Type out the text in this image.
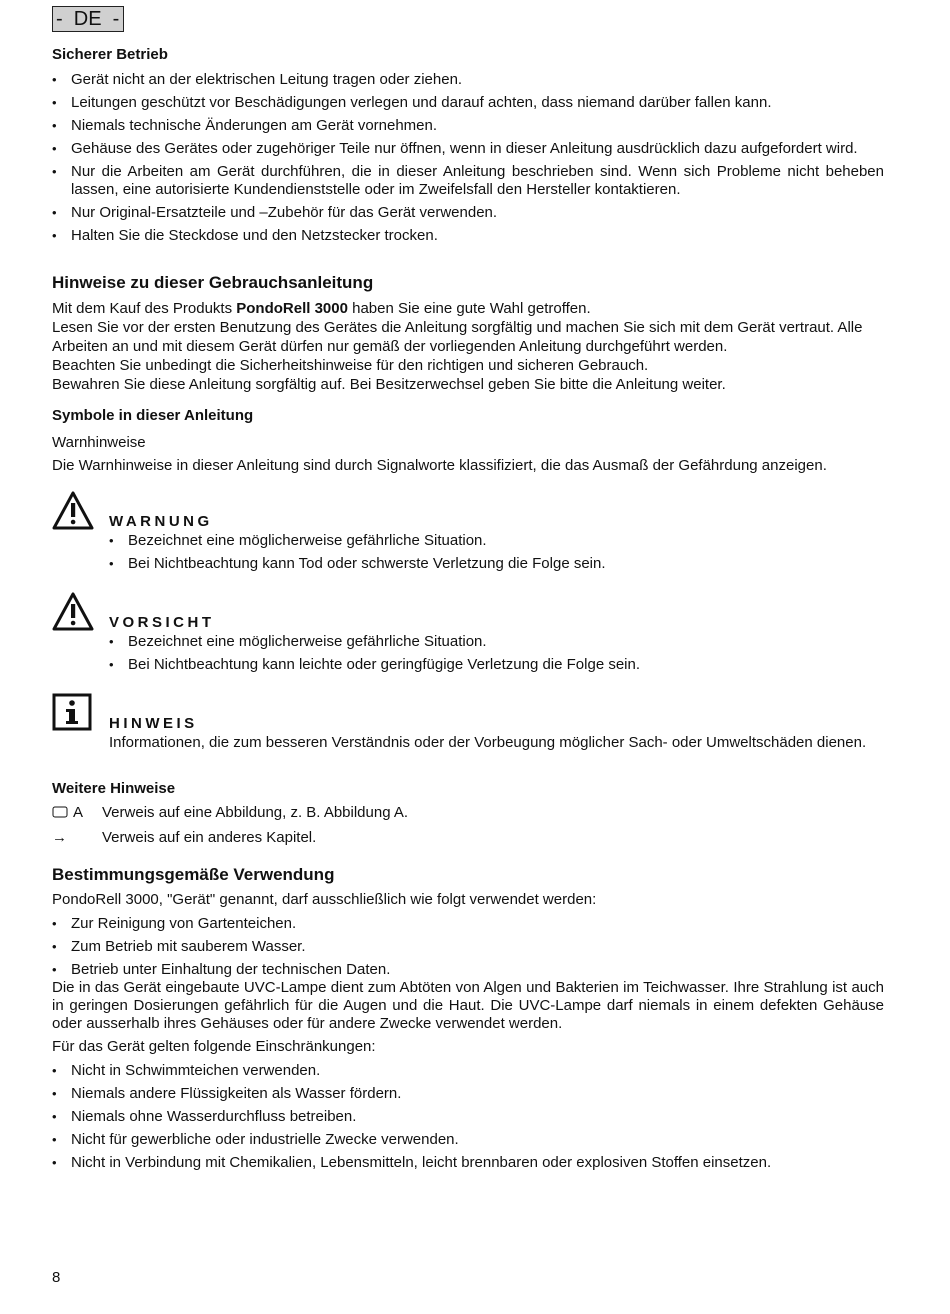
-  DE  -
Sicherer Betrieb
• Gerät nicht an der elektrischen Leitung tragen oder ziehen.
• Leitungen geschützt vor Beschädigungen verlegen und darauf achten, dass niemand darüber fallen kann.
• Niemals technische Änderungen am Gerät vornehmen.
• Gehäuse des Gerätes oder zugehöriger Teile nur öffnen, wenn in dieser Anleitung ausdrücklich dazu aufgefordert wird.
• Nur die Arbeiten am Gerät durchführen, die in dieser Anleitung beschrieben sind. Wenn sich Probleme nicht beheben lassen, eine autorisierte Kundendienststelle oder im Zweifelsfall den Hersteller kontaktieren.
• Nur Original-Ersatzteile und –Zubehör für das Gerät verwenden.
• Halten Sie die Steckdose und den Netzstecker trocken.
Hinweise zu dieser Gebrauchsanleitung

Mit dem Kauf des Produkts PondoRell 3000 haben Sie eine gute Wahl getroffen.

Lesen Sie vor der ersten Benutzung des Gerätes die Anleitung sorgfältig und machen Sie sich mit dem Gerät vertraut. Alle Arbeiten an und mit diesem Gerät dürfen nur gemäß der vorliegenden Anleitung durchgeführt werden.

Beachten Sie unbedingt die Sicherheitshinweise für den richtigen und sicheren Gebrauch.

Bewahren Sie diese Anleitung sorgfältig auf. Bei Besitzerwechsel geben Sie bitte die Anleitung weiter.

Symbole in dieser Anleitung
Warnhinweise

Die Warnhinweise in dieser Anleitung sind durch Signalworte klassifiziert, die das Ausmaß der Gefährdung anzeigen.

WARNUNG
• Bezeichnet eine möglicherweise gefährliche Situation.
• Bei Nichtbeachtung kann Tod oder schwerste Verletzung die Folge sein.
VORSICHT
• Bezeichnet eine möglicherweise gefährliche Situation.
• Bei Nichtbeachtung kann leichte oder geringfügige Verletzung die Folge sein.
HINWEIS

Informationen, die zum besseren Verständnis oder der Vorbeugung möglicher Sach- oder Umweltschäden dienen.

Weitere Hinweise
A	Verweis auf eine Abbildung, z. B. Abbildung A.
→	Verweis auf ein anderes Kapitel.
Bestimmungsgemäße Verwendung

PondoRell 3000, "Gerät" genannt, darf ausschließlich wie folgt verwendet werden:

• Zur Reinigung von Gartenteichen.
• Zum Betrieb mit sauberem Wasser.
• Betrieb unter Einhaltung der technischen Daten.

Die in das Gerät eingebaute UVC-Lampe dient zum Abtöten von Algen und Bakterien im Teichwasser. Ihre Strahlung ist auch in geringen Dosierungen gefährlich für die Augen und die Haut. Die UVC-Lampe darf niemals in einem defekten Gehäuse oder ausserhalb ihres Gehäuses oder für andere Zwecke verwendet werden.

Für das Gerät gelten folgende Einschränkungen:

• Nicht in Schwimmteichen verwenden.
• Niemals andere Flüssigkeiten als Wasser fördern.
• Niemals ohne Wasserdurchfluss betreiben.
• Nicht für gewerbliche oder industrielle Zwecke verwenden.
• Nicht in Verbindung mit Chemikalien, Lebensmitteln, leicht brennbaren oder explosiven Stoffen einsetzen.
8
